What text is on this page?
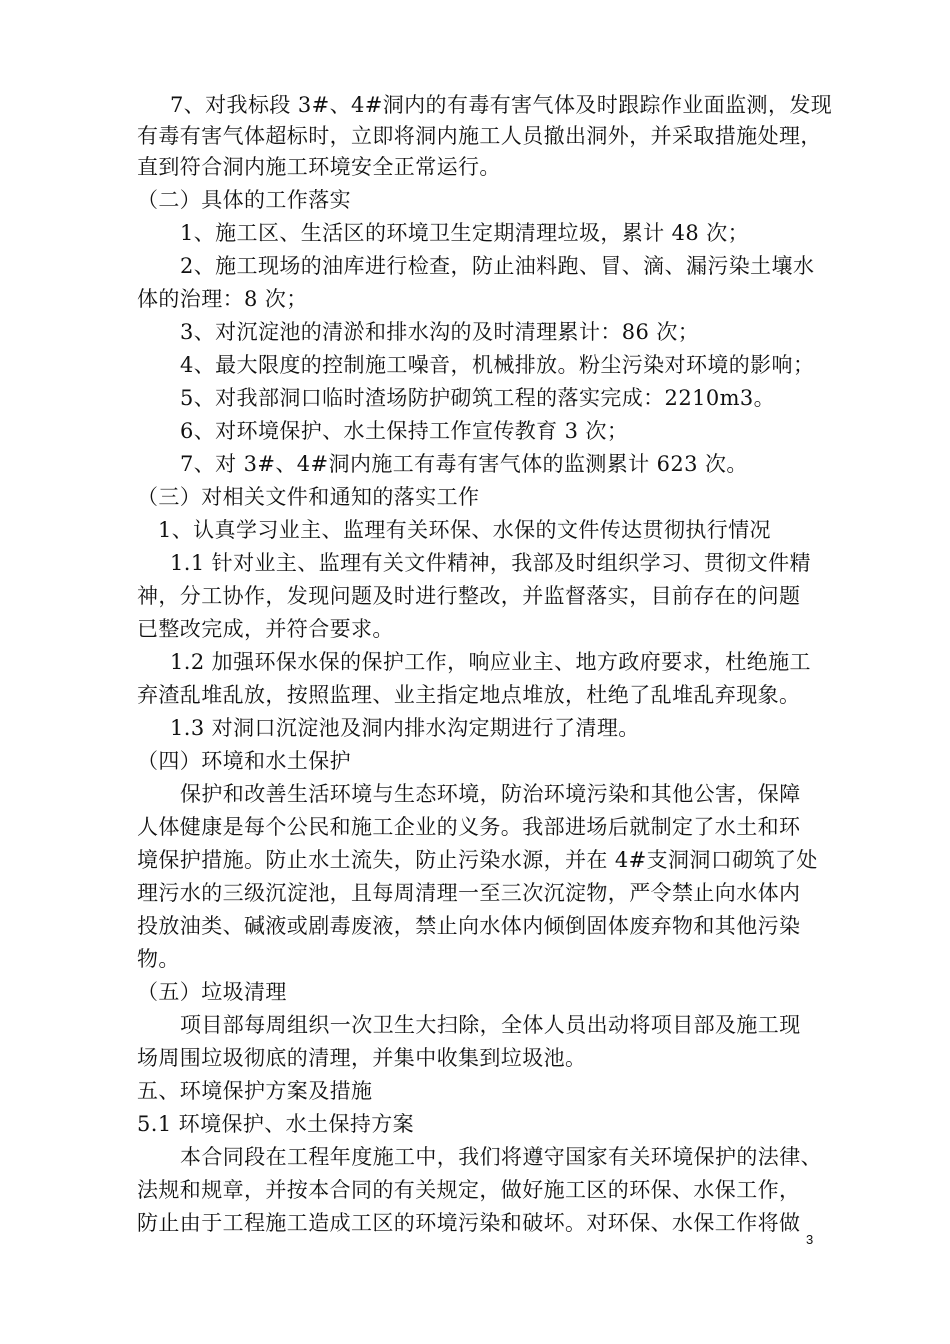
7、对我标段 3#、4#洞内的有毒有害气体及时跟踪作业面监测，发现
有毒有害气体超标时，立即将洞内施工人员撤出洞外，并采取措施处理，
直到符合洞内施工环境安全正常运行。
（二）具体的工作落实
1、施工区、生活区的环境卫生定期清理垃圾，累计 48 次；
2、施工现场的油库进行检查，防止油料跑、冒、滴、漏污染土壤水
体的治理：8 次；
3、对沉淀池的清淤和排水沟的及时清理累计：86 次；
4、最大限度的控制施工噪音，机械排放。粉尘污染对环境的影响；
5、对我部洞口临时渣场防护砌筑工程的落实完成：2210m3。
6、对环境保护、水土保持工作宣传教育 3 次；
7、对 3#、4#洞内施工有毒有害气体的监测累计 623 次。
（三）对相关文件和通知的落实工作
1、认真学习业主、监理有关环保、水保的文件传达贯彻执行情况
1.1 针对业主、监理有关文件精神，我部及时组织学习、贯彻文件精
神，分工协作，发现问题及时进行整改，并监督落实，目前存在的问题
已整改完成，并符合要求。
1.2 加强环保水保的保护工作，响应业主、地方政府要求，杜绝施工
弃渣乱堆乱放，按照监理、业主指定地点堆放，杜绝了乱堆乱弃现象。
1.3 对洞口沉淀池及洞内排水沟定期进行了清理。
（四）环境和水土保护
保护和改善生活环境与生态环境，防治环境污染和其他公害，保障
人体健康是每个公民和施工企业的义务。我部进场后就制定了水土和环
境保护措施。防止水土流失，防止污染水源，并在 4#支洞洞口砌筑了处
理污水的三级沉淀池，且每周清理一至三次沉淀物，严令禁止向水体内
投放油类、碱液或剧毒废液，禁止向水体内倾倒固体废弃物和其他污染
物。
（五）垃圾清理
项目部每周组织一次卫生大扫除，全体人员出动将项目部及施工现
场周围垃圾彻底的清理，并集中收集到垃圾池。
五、环境保护方案及措施
5.1 环境保护、水土保持方案
本合同段在工程年度施工中，我们将遵守国家有关环境保护的法律、
法规和规章，并按本合同的有关规定，做好施工区的环保、水保工作，
防止由于工程施工造成工区的环境污染和破坏。对环保、水保工作将做
3
